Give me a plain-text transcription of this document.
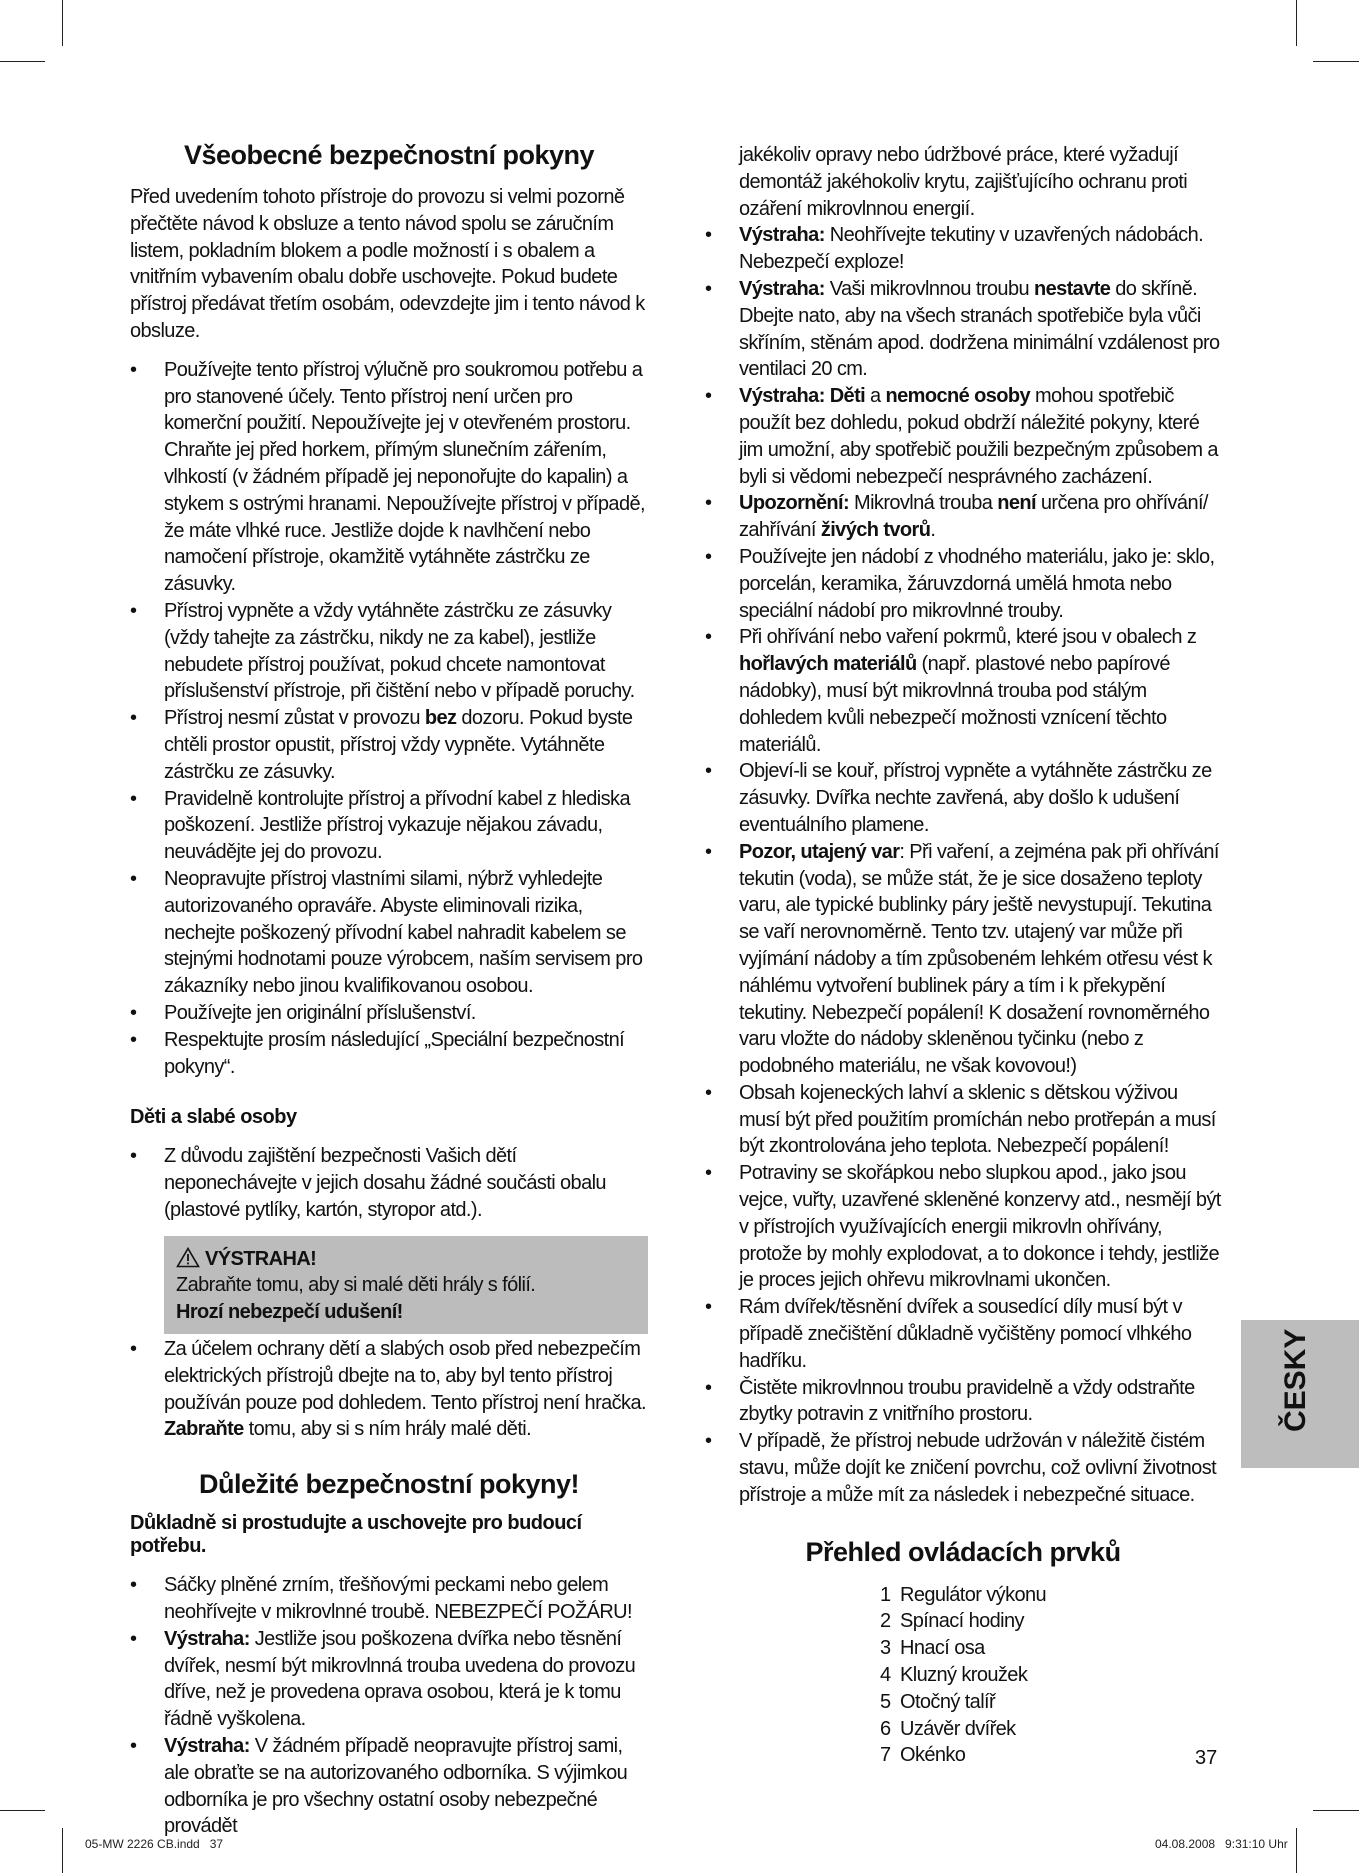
Všeobecné bezpečnostní pokyny

Před uvedením tohoto přístroje do provozu si velmi pozorně přečtěte návod k obsluze a tento návod spolu se záručním listem, pokladním blokem a podle možností i s obalem a vnitřním vybavením obalu dobře uschovejte. Pokud budete přístroj předávat třetím osobám, odevzdejte jim i tento návod k obsluze.

• Používejte tento přístroj výlučně pro soukromou potřebu a pro stanovené účely. Tento přístroj není určen pro komerční použití. Nepoužívejte jej v otevřeném prostoru. Chraňte jej před horkem, přímým slunečním zářením, vlhkostí (v žádném případě jej neponořujte do kapalin) a stykem s ostrými hranami. Nepoužívejte přístroj v případě, že máte vlhké ruce. Jestliže dojde k navlhčení nebo namočení přístroje, okamžitě vytáhněte zástrčku ze zásuvky.
• Přístroj vypněte a vždy vytáhněte zástrčku ze zásuvky (vždy tahejte za zástrčku, nikdy ne za kabel), jestliže nebudete přístroj používat, pokud chcete namontovat příslušenství přístroje, při čištění nebo v případě poruchy.
• Přístroj nesmí zůstat v provozu bez dozoru. Pokud byste chtěli prostor opustit, přístroj vždy vypněte. Vytáhněte zástrčku ze zásuvky.
• Pravidelně kontrolujte přístroj a přívodní kabel z hlediska poškození. Jestliže přístroj vykazuje nějakou závadu, neuvádějte jej do provozu.
• Neopravujte přístroj vlastními silami, nýbrž vyhledejte autorizovaného opraváře. Abyste eliminovali rizika, nechejte poškozený přívodní kabel nahradit kabelem se stejnými hodnotami pouze výrobcem, naším servisem pro zákazníky nebo jinou kvalifikovanou osobou.
• Používejte jen originální příslušenství.
• Respektujte prosím následující „Speciální bezpečnostní pokyny“.
Děti a slabé osoby
• Z důvodu zajištění bezpečnosti Vašich dětí neponechávejte v jejich dosahu žádné součásti obalu (plastové pytlíky, kartón, styropor atd.).
VÝSTRAHA!
Zabraňte tomu, aby si malé děti hrály s fólií.
Hrozí nebezpečí udušení!
• Za účelem ochrany dětí a slabých osob před nebezpečím elektrických přístrojů dbejte na to, aby byl tento přístroj používán pouze pod dohledem. Tento přístroj není hračka. Zabraňte tomu, aby si s ním hrály malé děti.
Důležité bezpečnostní pokyny!
Důkladně si prostudujte a uschovejte pro budoucí potřebu.
• Sáčky plněné zrním, třešňovými peckami nebo gelem neohřívejte v mikrovlnné troubě. NEBEZPEČÍ POŽÁRU!
• Výstraha: Jestliže jsou poškozena dvířka nebo těsnění dvířek, nesmí být mikrovlnná trouba uvedena do provozu dříve, než je provedena oprava osobou, která je k tomu řádně vyškolena.
• Výstraha: V žádném případě neopravujte přístroj sami, ale obraťte se na autorizovaného odborníka. S výjimkou odborníka je pro všechny ostatní osoby nebezpečné provádět

jakékoliv opravy nebo údržbové práce, které vyžadují demontáž jakéhokoliv krytu, zajišťujícího ochranu proti ozáření mikrovlnnou energií.

• Výstraha: Neohřívejte tekutiny v uzavřených nádobách. Nebezpečí exploze!
• Výstraha: Vaši mikrovlnnou troubu nestavte do skříně. Dbejte nato, aby na všech stranách spotřebiče byla vůči skříním, stěnám apod. dodržena minimální vzdálenost pro ventilaci 20 cm.
• Výstraha: Děti a nemocné osoby mohou spotřebič použít bez dohledu, pokud obdrží náležité pokyny, které jim umožní, aby spotřebič použili bezpečným způsobem a byli si vědomi nebezpečí nesprávného zacházení.
• Upozornění: Mikrovlná trouba není určena pro ohřívání/ zahřívání živých tvorů.
• Používejte jen nádobí z vhodného materiálu, jako je: sklo, porcelán, keramika, žáruvzdorná umělá hmota nebo speciální nádobí pro mikrovlnné trouby.
• Při ohřívání nebo vaření pokrmů, které jsou v obalech z hořlavých materiálů (např. plastové nebo papírové nádobky), musí být mikrovlnná trouba pod stálým dohledem kvůli nebezpečí možnosti vznícení těchto materiálů.
• Objeví-li se kouř, přístroj vypněte a vytáhněte zástrčku ze zásuvky. Dvířka nechte zavřená, aby došlo k udušení eventuálního plamene.
• Pozor, utajený var: Při vaření, a zejména pak při ohřívání tekutin (voda), se může stát, že je sice dosaženo teploty varu, ale typické bublinky páry ještě nevystupují. Tekutina se vaří nerovnoměrně. Tento tzv. utajený var může při vyjímání nádoby a tím způsobeném lehkém otřesu vést k náhlému vytvoření bublinek páry a tím i k překypění tekutiny. Nebezpečí popálení! K dosažení rovnoměrného varu vložte do nádoby skleněnou tyčinku (nebo z podobného materiálu, ne však kovovou!)
• Obsah kojeneckých lahví a sklenic s dětskou výživou musí být před použitím promíchán nebo protřepán a musí být zkontrolována jeho teplota. Nebezpečí popálení!
• Potraviny se skořápkou nebo slupkou apod., jako jsou vejce, vuřty, uzavřené skleněné konzervy atd., nesmějí být v přístrojích využívajících energii mikrovln ohřívány, protože by mohly explodovat, a to dokonce i tehdy, jestliže je proces jejich ohřevu mikrovlnami ukončen.
• Rám dvířek/těsnění dvířek a sousedící díly musí být v případě znečištění důkladně vyčištěny pomocí vlhkého hadříku.
• Čistěte mikrovlnnou troubu pravidelně a vždy odstraňte zbytky potravin z vnitřního prostoru.
• V případě, že přístroj nebude udržován v náležitě čistém stavu, může dojít ke zničení povrchu, což ovlivní životnost přístroje a může mít za následek i nebezpečné situace.
Přehled ovládacích prvků
1 Regulátor výkonu
2 Spínací hodiny
3 Hnací osa
4 Kluzný kroužek
5 Otočný talíř
6 Uzávěr dvířek
7 Okénko
ČESKY
37
05-MW 2226 CB.indd   37	04.08.2008   9:31:10 Uhr
